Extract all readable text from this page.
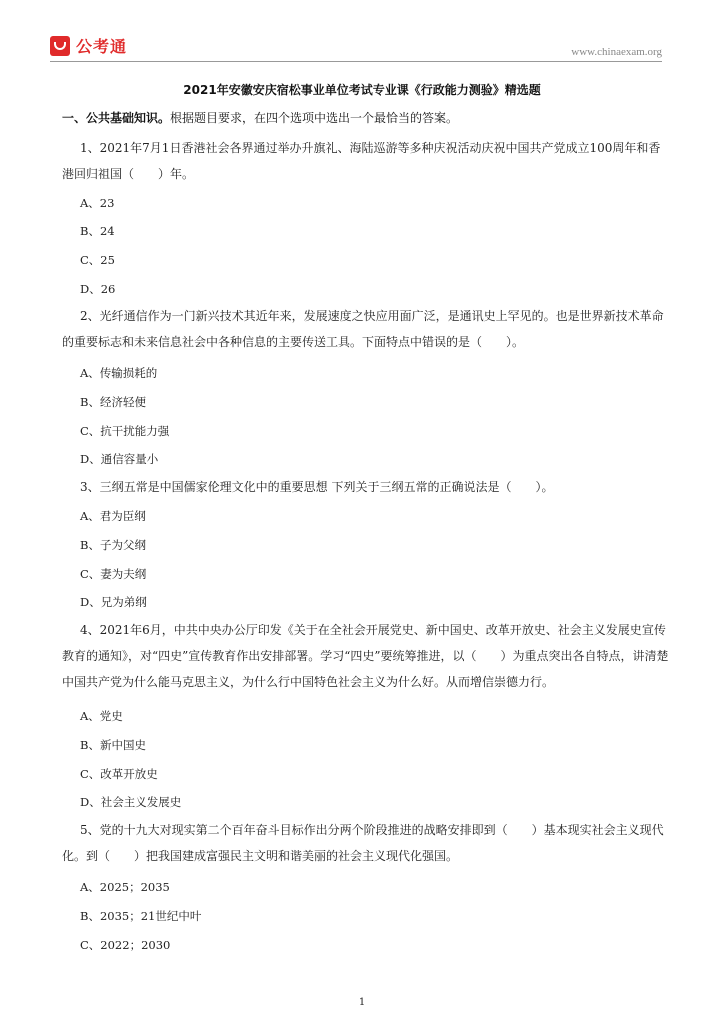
公考通	www.chinaexam.org
2021年安徽安庆宿松事业单位考试专业课《行政能力测验》精选题
一、公共基础知识。根据题目要求，在四个选项中选出一个最恰当的答案。
1、2021年7月1日香港社会各界通过举办升旗礼、海陆巡游等多种庆祝活动庆祝中国共产党成立100周年和香港回归祖国（　　）年。
A、23
B、24
C、25
D、26
2、光纤通信作为一门新兴技术其近年来，发展速度之快应用面广泛，是通讯史上罕见的。也是世界新技术革命的重要标志和未来信息社会中各种信息的主要传送工具。下面特点中错误的是（　　）。
A、传输损耗的
B、经济轻便
C、抗干扰能力强
D、通信容量小
3、三纲五常是中国儒家伦理文化中的重要思想 下列关于三纲五常的正确说法是（　　）。
A、君为臣纲
B、子为父纲
C、妻为夫纲
D、兄为弟纲
4、2021年6月，中共中央办公厅印发《关于在全社会开展党史、新中国史、改革开放史、社会主义发展史宣传教育的通知》，对“四史”宣传教育作出安排部署。学习“四史”要统筹推进，以（　　）为重点突出各自特点，讲清楚中国共产党为什么能马克思主义，为什么行中国特色社会主义为什么好。从而增信崇德力行。
A、党史
B、新中国史
C、改革开放史
D、社会主义发展史
5、党的十九大对现实第二个百年奋斗目标作出分两个阶段推进的战略安排即到（　　）基本现实社会主义现代化。到（　　）把我国建成富强民主文明和谐美丽的社会主义现代化强国。
A、2025；2035
B、2035；21世纪中叶
C、2022；2030
1
